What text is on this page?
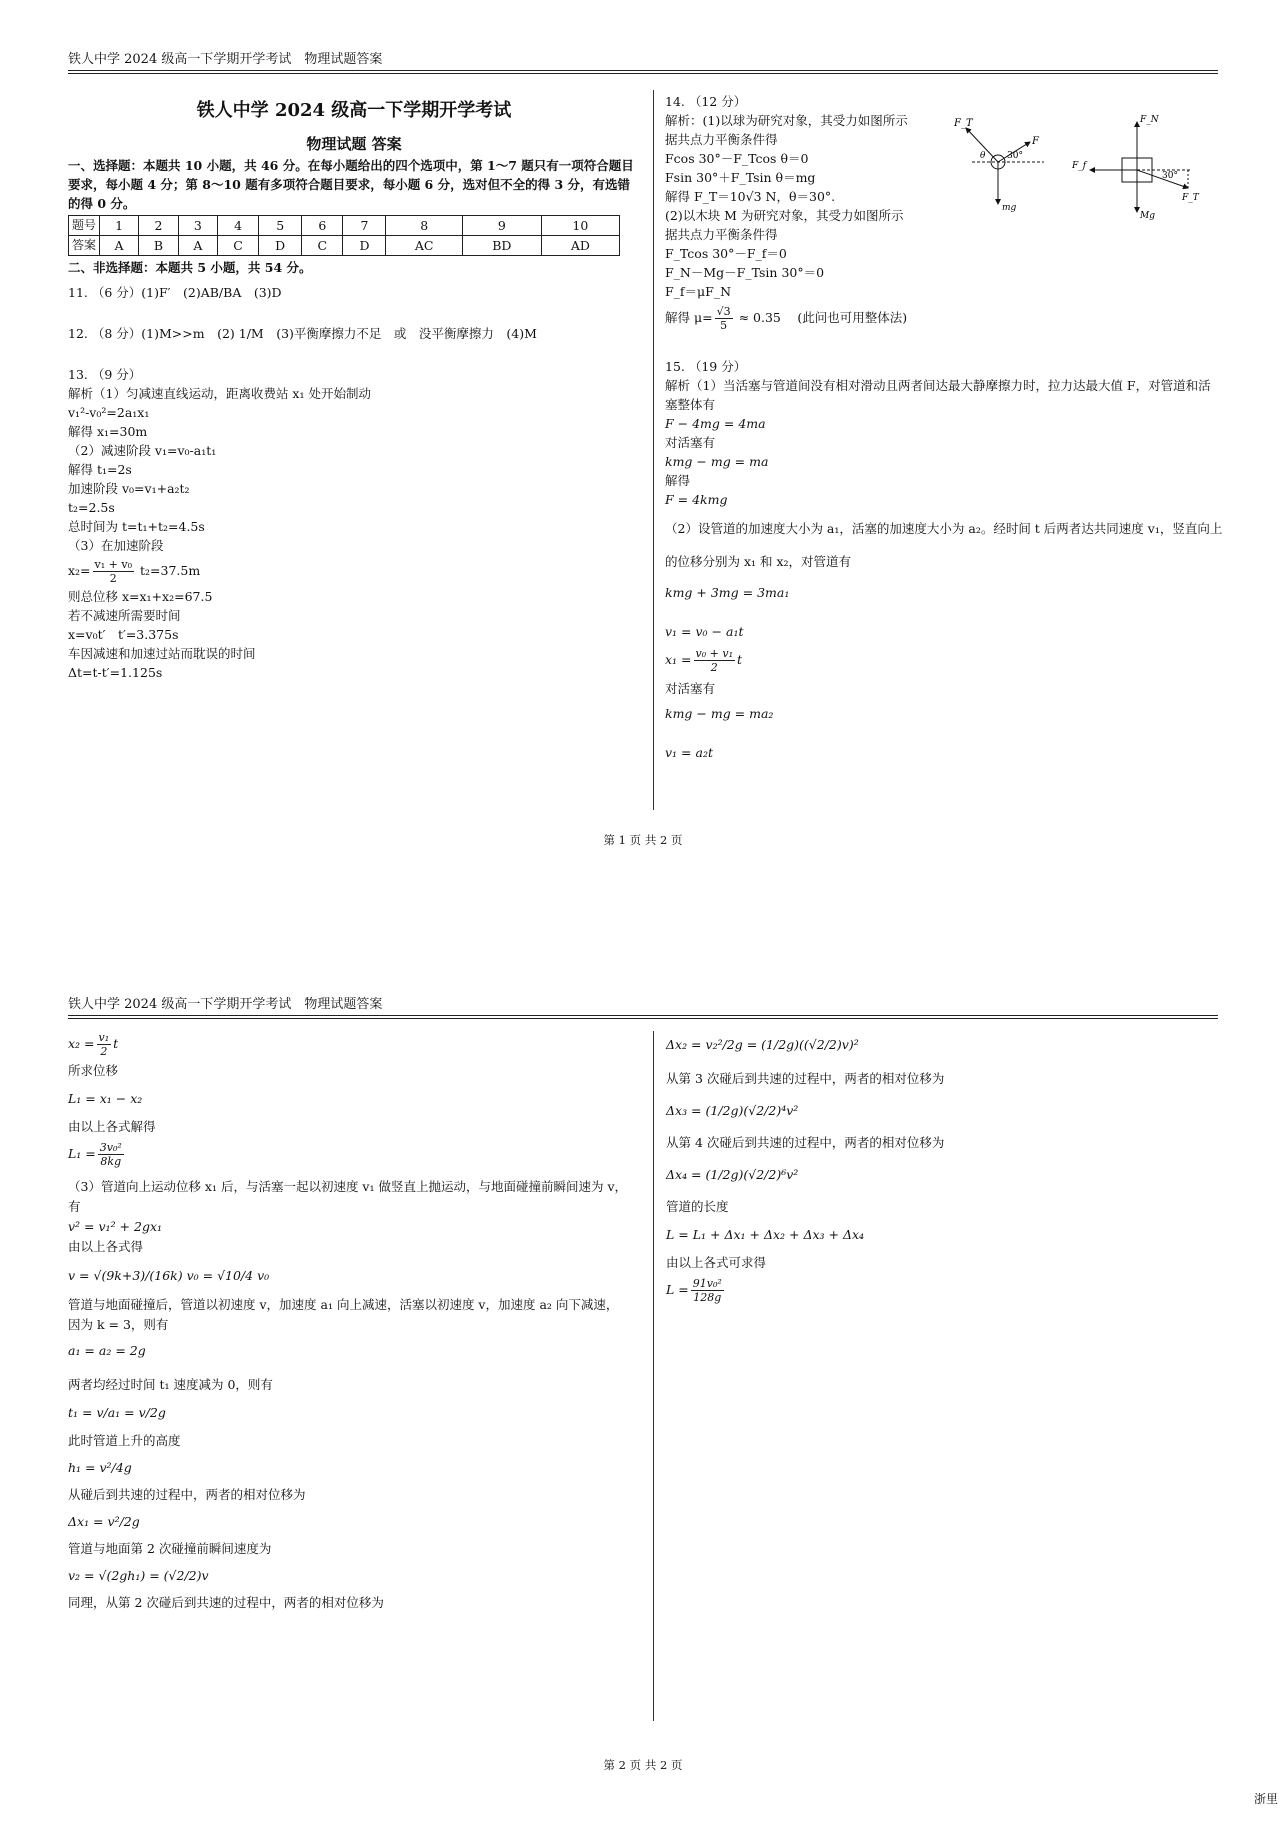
铁人中学 2024 级高一下学期开学考试　物理试题答案
铁人中学 2024 级高一下学期开学考试
物理试题 答案
一、选择题：本题共 10 小题，共 46 分。在每小题给出的四个选项中，第 1～7 题只有一项符合题目要求，每小题 4 分；第 8～10 题有多项符合题目要求，每小题 6 分，选对但不全的得 3 分，有选错的得 0 分。
题号	1	2	3	4	5	6	7	8	9	10
答案	A	B	A	C	D	C	D	AC	BD	AD
二、非选择题：本题共 5 小题，共 54 分。
11. （6 分）(1)F′　(2)AB/BA　(3)D
12. （8 分）(1)M>>m　(2) 1/M　(3)平衡摩擦力不足　或　没平衡摩擦力　(4)M
13. （9 分）
解析（1）匀减速直线运动，距离收费站 x₁ 处开始制动
v₁²-v₀²=2a₁x₁
解得 x₁=30m
（2）减速阶段 v₁=v₀-a₁t₁
解得 t₁=2s
加速阶段 v₀=v₁+a₂t₂
t₂=2.5s
总时间为 t=t₁+t₂=4.5s
（3）在加速阶段
$x_2= \frac{\text{v₁ + v₀}}{2} t_2=37.5m$
则总位移 x=x₁+x₂=67.5
若不减速所需要时间
x=v₀t′　t′=3.375s
车因减速和加速过站而耽误的时间
Δt=t-t′=1.125s
14. （12 分）
解析：(1)以球为研究对象，其受力如图所示
据共点力平衡条件得
Fcos 30°－F_Tcos θ＝0
Fsin 30°＋F_Tsin θ＝mg
解得 F_T＝10√3 N，θ＝30°.
(2)以木块 M 为研究对象，其受力如图所示
据共点力平衡条件得
F_Tcos 30°－F_f＝0
F_N－Mg－F_Tsin 30°＝0
F_f＝μF_N
解得 $\mu= \frac{√3}{5} \approx 0.35$　 (此问也可用整体法)
15. （19 分）
解析（1）当活塞与管道间没有相对滑动且两者间达最大静摩擦力时，拉力达最大值 F，对管道和活塞整体有
F − 4mg = 4ma
对活塞有
kmg − mg = ma
解得
F = 4kmg
（2）设管道的加速度大小为 a₁，活塞的加速度大小为 a₂。经时间 t 后两者达共同速度 v₁，竖直向上
的位移分别为 x₁ 和 x₂，对管道有
kmg + 3mg = 3ma₁
v₁ = v₀ − a₁t
$x_1 = \frac{\text{v₀ + v₁}}{2}$ t
对活塞有
kmg − mg = ma₂
v₁ = a₂t
F_T
F
θ 30°
mg
F_N
F_f
30°
F_T
Mg
第 1 页 共 2 页
铁人中学 2024 级高一下学期开学考试　物理试题答案
$x_2 = \frac{\text{v₁}}{2}$ t
所求位移
L₁ = x₁ − x₂
由以上各式解得
$L_1 = \frac{\text{3v₀²}}{8kg}$
（3）管道向上运动位移 x₁ 后，与活塞一起以初速度 v₁ 做竖直上抛运动，与地面碰撞前瞬间速为 v，
有
v² = v₁² + 2gx₁
由以上各式得
v = √(9k+3)/(16k) v₀ = √10/4 v₀
管道与地面碰撞后，管道以初速度 v，加速度 a₁ 向上减速，活塞以初速度 v，加速度 a₂ 向下减速，
因为 k = 3，则有
a₁ = a₂ = 2g
两者均经过时间 t₁ 速度减为 0，则有
t₁ = v/a₁ = v/2g
此时管道上升的高度
h₁ = v²/4g
从碰后到共速的过程中，两者的相对位移为
Δx₁ = v²/2g
管道与地面第 2 次碰撞前瞬间速度为
v₂ = √(2gh₁) = (√2/2)v
同理，从第 2 次碰后到共速的过程中，两者的相对位移为
Δx₂ = v₂²/2g = (1/2g)((√2/2)v)²
从第 3 次碰后到共速的过程中，两者的相对位移为
Δx₃ = (1/2g)(√2/2)⁴v²
从第 4 次碰后到共速的过程中，两者的相对位移为
Δx₄ = (1/2g)(√2/2)⁶v²
管道的长度
L = L₁ + Δx₁ + Δx₂ + Δx₃ + Δx₄
由以上各式可求得
$L = \frac{\text{91v₀²}}{128g}$
第 2 页 共 2 页
浙里
